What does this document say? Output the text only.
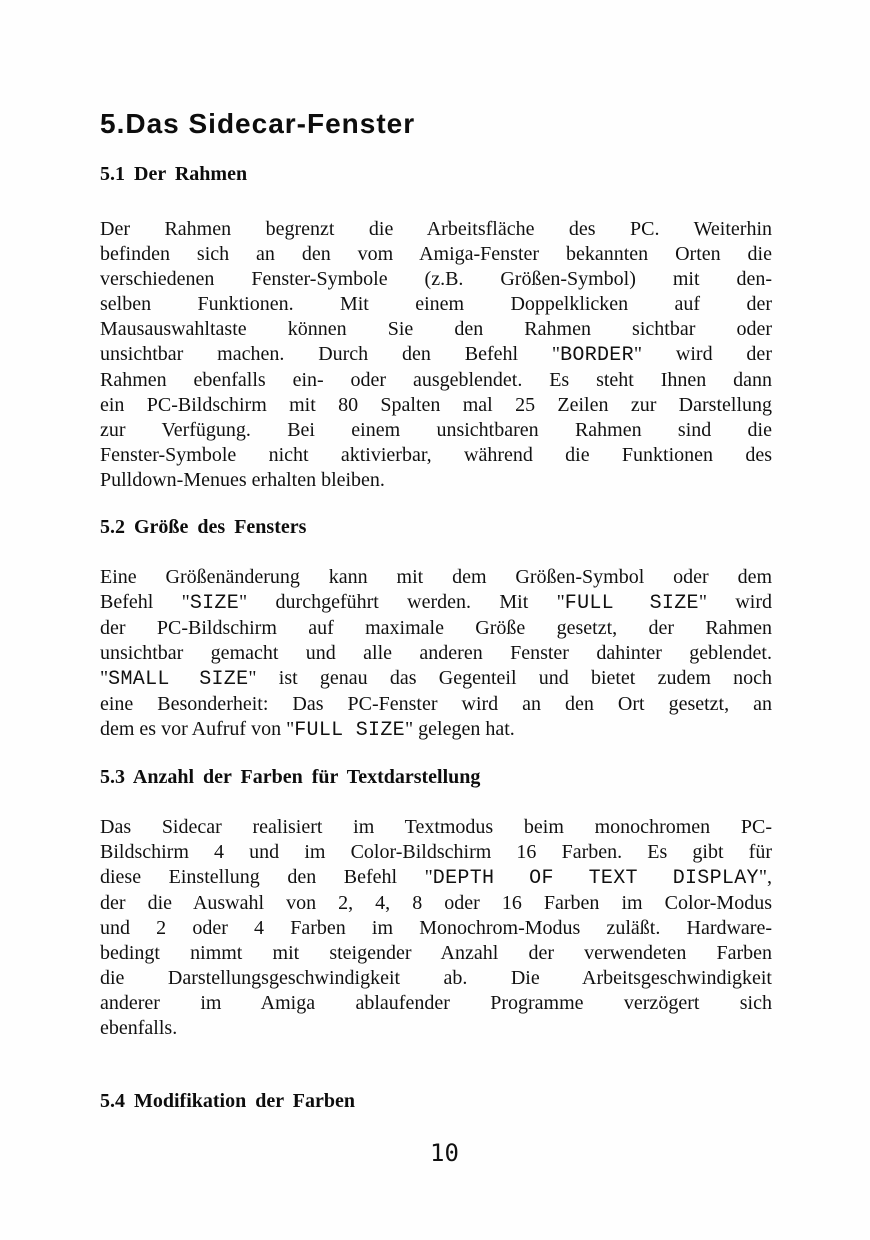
5.Das Sidecar-Fenster
5.1 Der Rahmen
Der Rahmen begrenzt die Arbeitsfläche des PC. Weiterhin
befinden sich an den vom Amiga-Fenster bekannten Orten die
verschiedenen Fenster-Symbole (z.B. Größen-Symbol) mit den-
selben Funktionen. Mit einem Doppelklicken auf der
Mausauswahltaste können Sie den Rahmen sichtbar oder
unsichtbar machen. Durch den Befehl "BORDER" wird der
Rahmen ebenfalls ein- oder ausgeblendet. Es steht Ihnen dann
ein PC-Bildschirm mit 80 Spalten mal 25 Zeilen zur Darstellung
zur Verfügung. Bei einem unsichtbaren Rahmen sind die
Fenster-Symbole nicht aktivierbar, während die Funktionen des
Pulldown-Menues erhalten bleiben.
5.2 Größe des Fensters
Eine Größenänderung kann mit dem Größen-Symbol oder dem
Befehl "SIZE" durchgeführt werden. Mit "FULL SIZE" wird
der PC-Bildschirm auf maximale Größe gesetzt, der Rahmen
unsichtbar gemacht und alle anderen Fenster dahinter geblendet.
"SMALL SIZE" ist genau das Gegenteil und bietet zudem noch
eine Besonderheit: Das PC-Fenster wird an den Ort gesetzt, an
dem es vor Aufruf von "FULL SIZE" gelegen hat.
5.3 Anzahl der Farben für Textdarstellung
Das Sidecar realisiert im Textmodus beim monochromen PC-
Bildschirm 4 und im Color-Bildschirm 16 Farben. Es gibt für
diese Einstellung den Befehl "DEPTH OF TEXT DISPLAY",
der die Auswahl von 2, 4, 8 oder 16 Farben im Color-Modus
und 2 oder 4 Farben im Monochrom-Modus zuläßt. Hardware-
bedingt nimmt mit steigender Anzahl der verwendeten Farben
die Darstellungsgeschwindigkeit ab. Die Arbeitsgeschwindigkeit
anderer im Amiga ablaufender Programme verzögert sich
ebenfalls.
5.4 Modifikation der Farben
10
